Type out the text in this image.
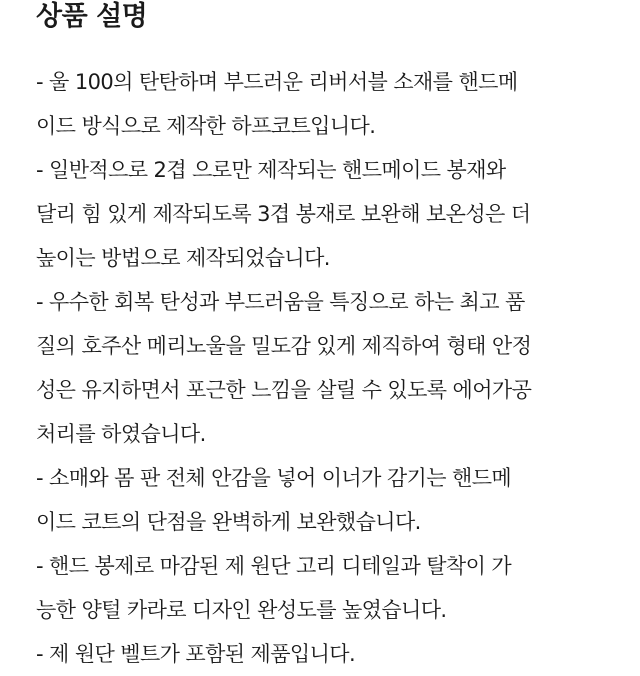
상품 설명
- 울 100의 탄탄하며 부드러운 리버서블 소재를 핸드메
이드 방식으로 제작한 하프코트입니다.
- 일반적으로 2겹 으로만 제작되는 핸드메이드 봉재와
달리 힘 있게 제작되도록 3겹 봉재로 보완해 보온성은 더
높이는 방법으로 제작되었습니다.
- 우수한 회복 탄성과 부드러움을 특징으로 하는 최고 품
질의 호주산 메리노울을 밀도감 있게 제직하여 형태 안정
성은 유지하면서 포근한 느낌을 살릴 수 있도록 에어가공
처리를 하였습니다.
- 소매와 몸 판 전체 안감을 넣어 이너가 감기는 핸드메
이드 코트의 단점을 완벽하게 보완했습니다.
- 핸드 봉제로 마감된 제 원단 고리 디테일과 탈착이 가
능한 양털 카라로 디자인 완성도를 높였습니다.
- 제 원단 벨트가 포함된 제품입니다.
